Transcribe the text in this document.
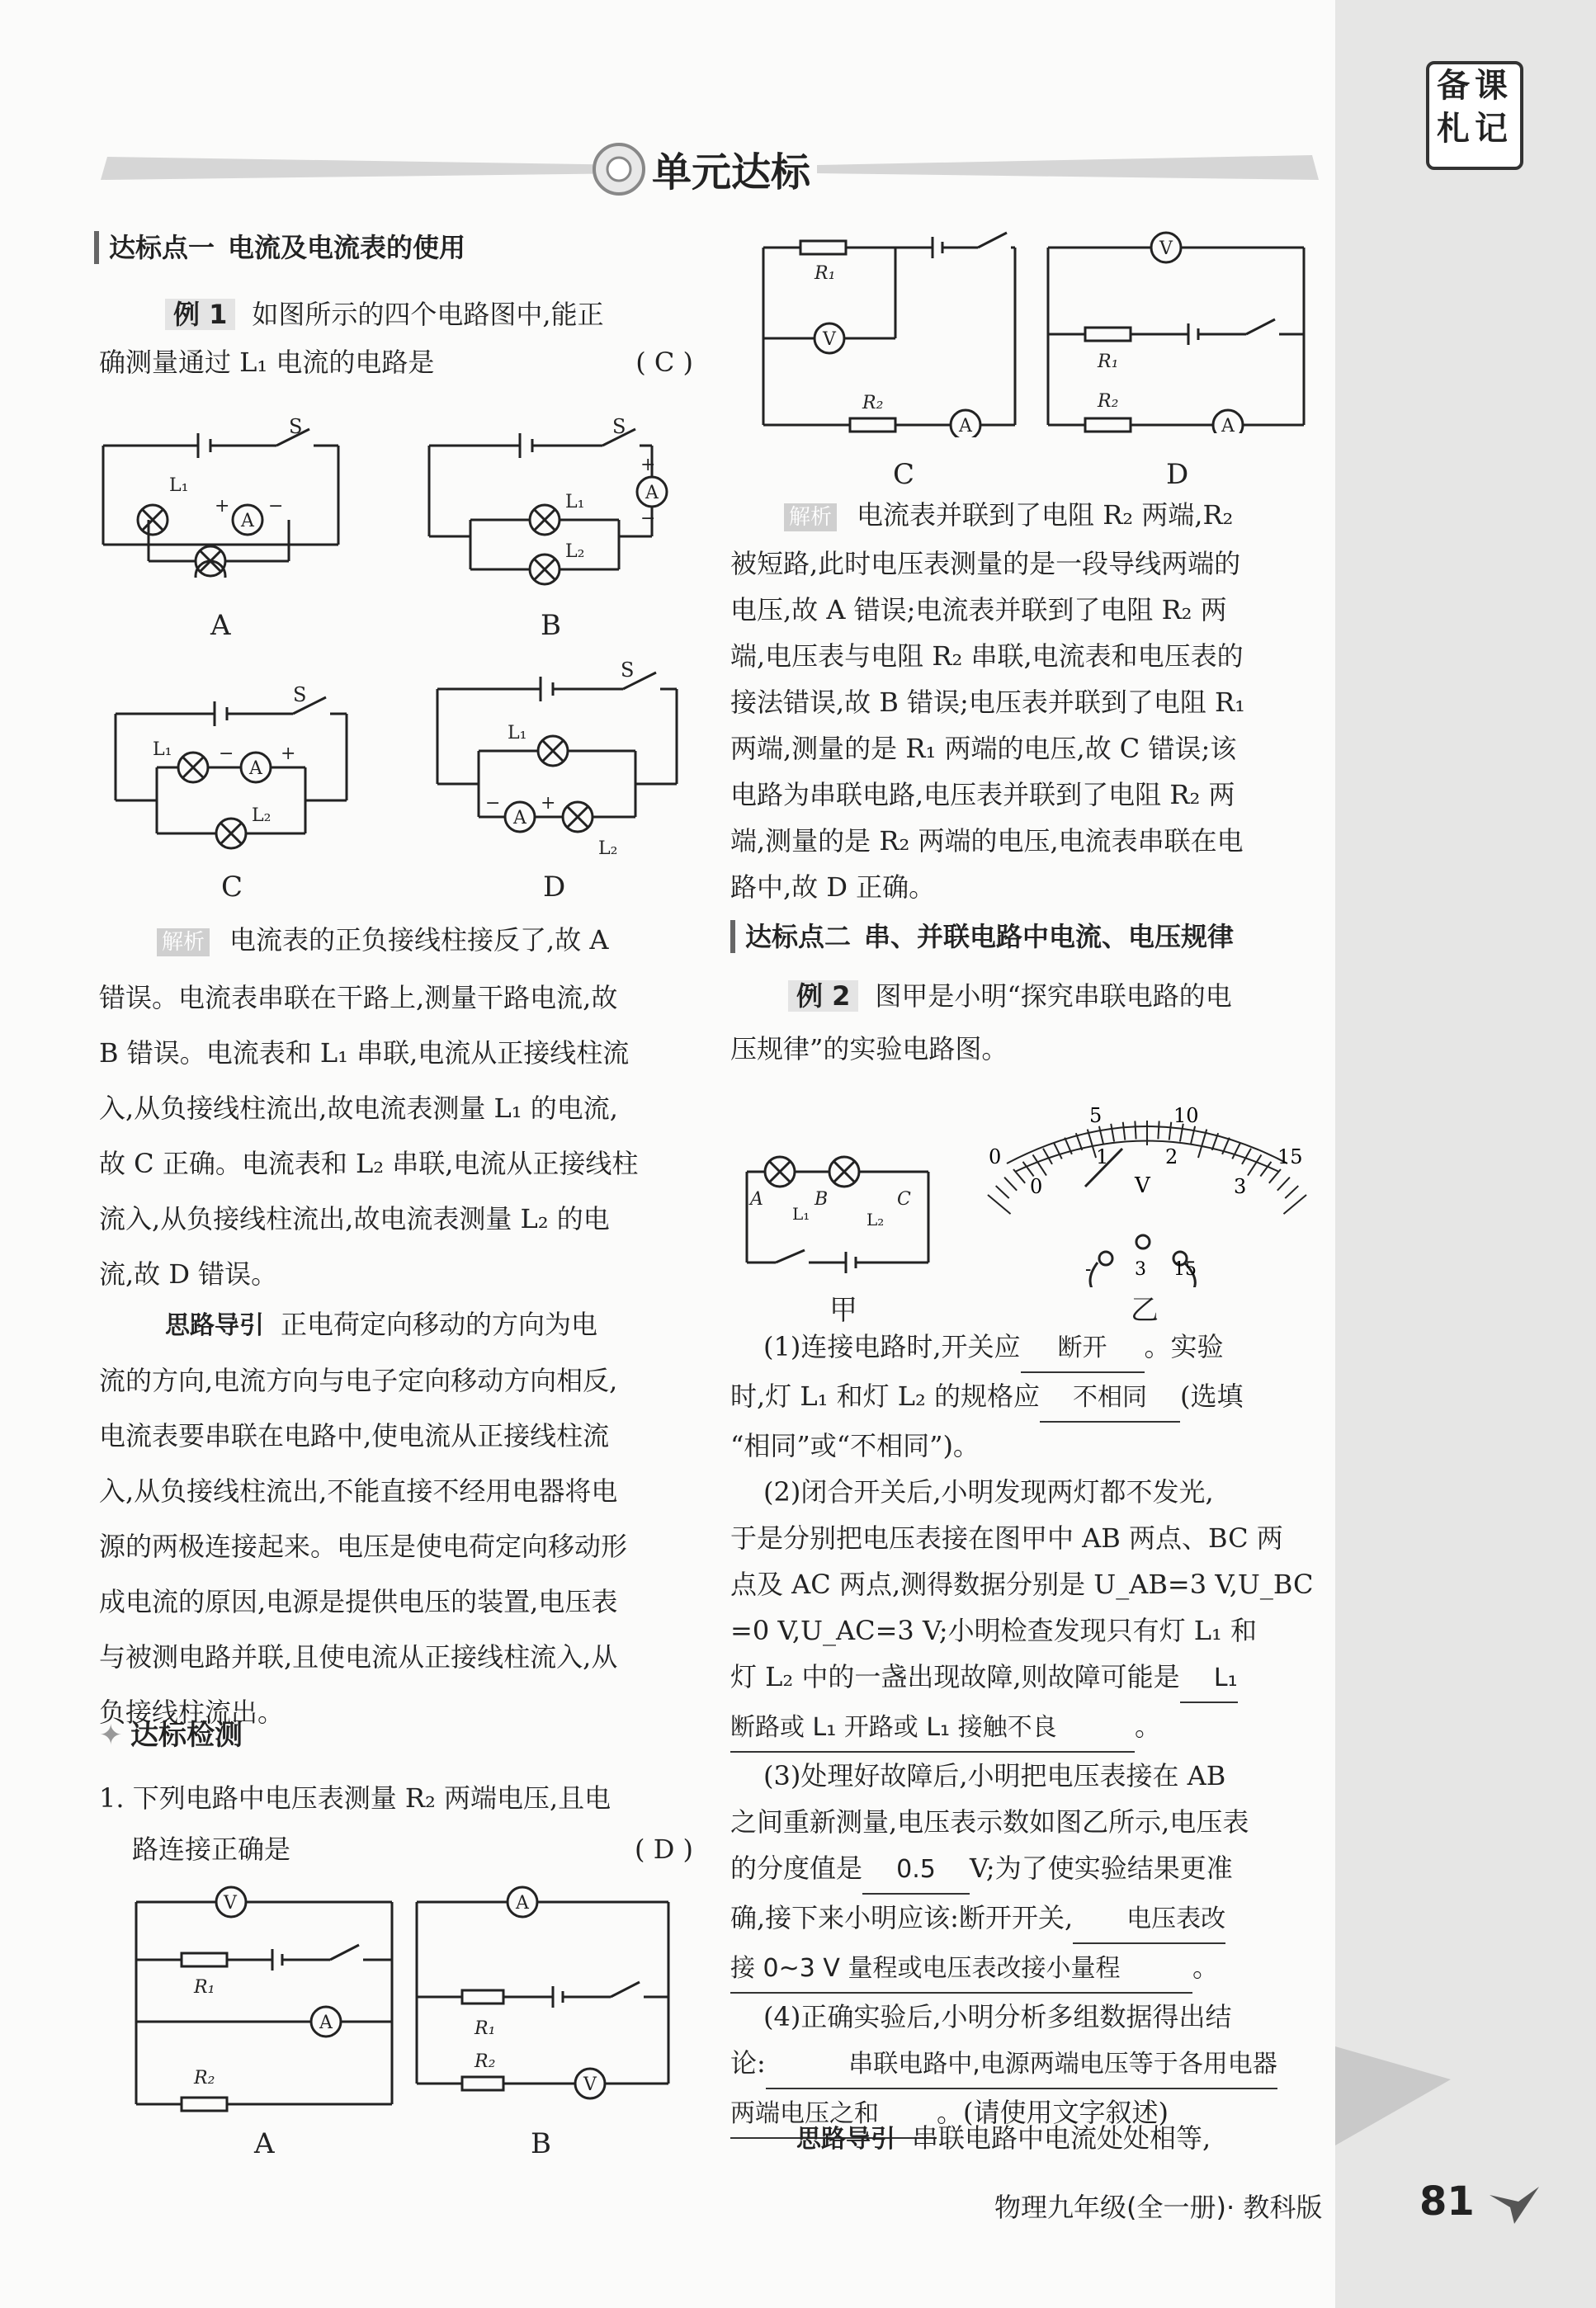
备课
札记
单元达标
达标点一 电流及电流表的使用
例 1 如图所示的四个电路图中,能正
确测量通过 L₁ 电流的电路是	( C )
A
L₁
+ −
S
A
A
L₁
L₂
S
+
−
B
A
L₁
L₂
S
−	+
C
A
L₁
L₂
S
− +
D
解析 电流表的正负接线柱接反了,故 A
错误。电流表串联在干路上,测量干路电流,故
B 错误。电流表和 L₁ 串联,电流从正接线柱流
入,从负接线柱流出,故电流表测量 L₁ 的电流,
故 C 正确。电流表和 L₂ 串联,电流从正接线柱
流入,从负接线柱流出,故电流表测量 L₂ 的电
流,故 D 错误。
思路导引 正电荷定向移动的方向为电
流的方向,电流方向与电子定向移动方向相反,
电流表要串联在电路中,使电流从正接线柱流
入,从负接线柱流出,不能直接不经用电器将电
源的两极连接起来。电压是使电荷定向移动形
成电流的原因,电源是提供电压的装置,电压表
与被测电路并联,且使电流从正接线柱流入,从
负接线柱流出。
✦ 达标检测
1. 下列电路中电压表测量 R₂ 两端电压,且电
路连接正确是	( D )
V
A
R₁
R₂
A
A
V
R₁
R₂
B
V
A
R₁
R₂
C
V
A
R₁
R₂
D
解析 电流表并联到了电阻 R₂ 两端,R₂
被短路,此时电压表测量的是一段导线两端的
电压,故 A 错误;电流表并联到了电阻 R₂ 两
端,电压表与电阻 R₂ 串联,电流表和电压表的
接法错误,故 B 错误;电压表并联到了电阻 R₁
两端,测量的是 R₁ 两端的电压,故 C 错误;该
电路为串联电路,电压表并联到了电阻 R₂ 两
端,测量的是 R₂ 两端的电压,电流表串联在电
路中,故 D 正确。
达标点二 串、并联电路中电流、电压规律
例 2 图甲是小明“探究串联电路的电
压规律”的实验电路图。
A	B	C
L₁	L₂
甲
0
5	10
15
0
1	2
3
V
- 3 15
乙
(1)连接电路时,开关应 断开 。实验
时,灯 L₁ 和灯 L₂ 的规格应 不相同 (选填
“相同”或“不相同”)。
(2)闭合开关后,小明发现两灯都不发光,
于是分别把电压表接在图甲中 AB 两点、BC 两
点及 AC 两点,测得数据分别是 U_AB=3 V,U_BC
=0 V,U_AC=3 V;小明检查发现只有灯 L₁ 和
灯 L₂ 中的一盏出现故障,则故障可能是 L₁
断路或 L₁ 开路或 L₁ 接触不良	。
(3)处理好故障后,小明把电压表接在 AB
之间重新测量,电压表示数如图乙所示,电压表
的分度值是 0.5 V;为了使实验结果更准
确,接下来小明应该:断开开关, 电压表改
接 0~3 V 量程或电压表改接小量程	。
(4)正确实验后,小明分析多组数据得出结
论:	串联电路中,电源两端电压等于各用电器
两端电压之和 。(请使用文字叙述)
思路导引 串联电路中电流处处相等,
物理九年级(全一册)· 教科版 81
